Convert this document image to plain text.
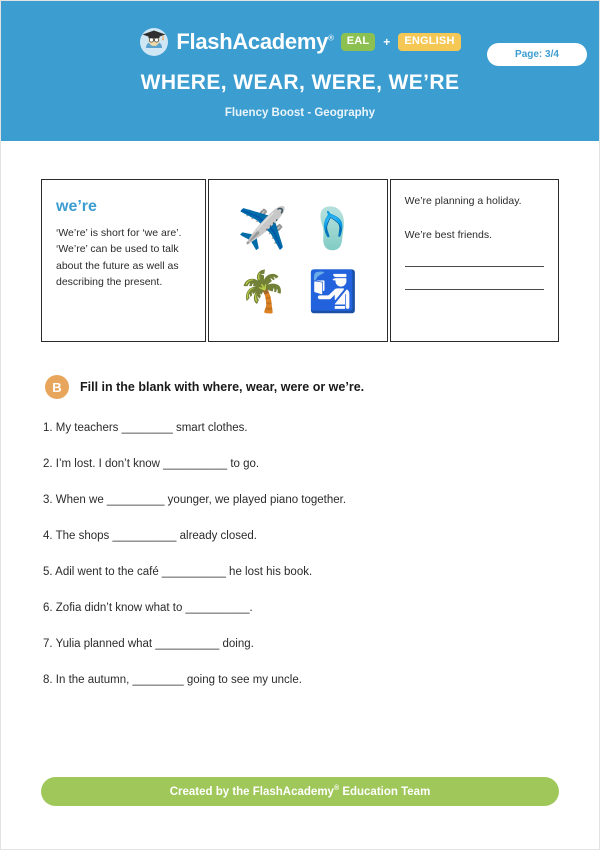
FlashAcademy®	EAL	+	ENGLISH
WHERE, WEAR, WERE, WE’RE
Fluency Boost - Geography
Page: 3/4
we’re
‘We’re’ is short for ‘we are’. ‘We’re’ can be used to talk about the future as well as describing the present.
✈️ 🩴
🌴 🛂
We’re planning a holiday.
We’re best friends.
B	Fill in the blank with where, wear, were or we’re.
1. My teachers ________ smart clothes.
2. I’m lost. I don’t know __________ to go.
3. When we _________ younger, we played piano together.
4. The shops __________ already closed.
5. Adil went to the café __________ he lost his book.
6. Zofia didn’t know what to __________.
7. Yulia planned what __________ doing.
8. In the autumn, ________ going to see my uncle.
Created by the FlashAcademy® Education Team
